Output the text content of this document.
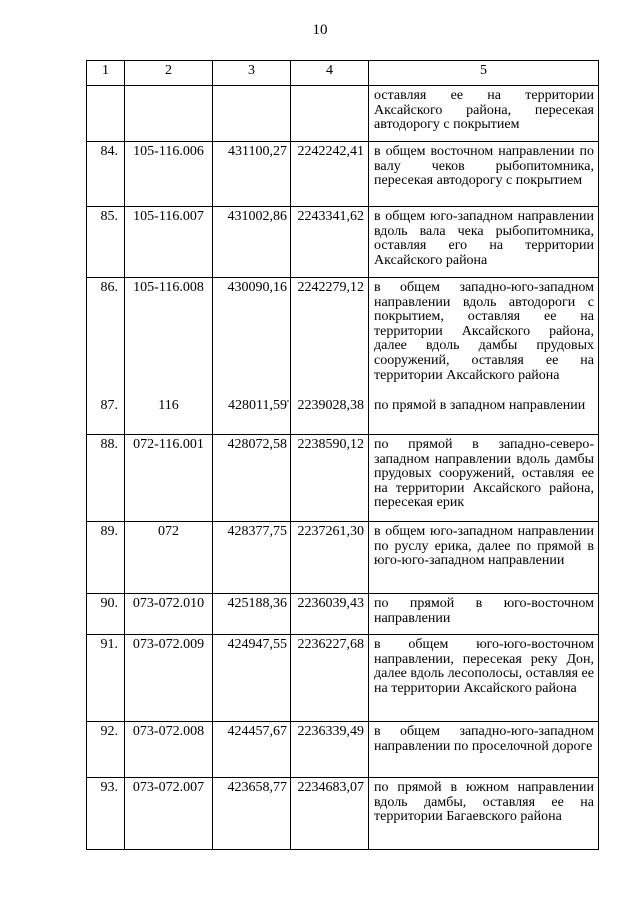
10
1	2	3	4	5
				оставляя ее на территории Аксайского района, пересекая автодорогу с покрытием
84.	105-116.006	431100,27	2242242,41	в общем восточном направлении по валу чеков рыбопитомника, пересекая автодорогу с покрытием
85.	105-116.007	431002,86	2243341,62	в общем юго-западном направлении вдоль вала чека рыбопитомника, оставляя его на территории Аксайского района
86.	105-116.008	430090,16	2242279,12	в общем западно-юго-западном направлении вдоль автодороги с покрытием, оставляя ее на территории Аксайского района, далее вдоль дамбы прудовых сооружений, оставляя ее на территории Аксайского района
87.	116	428011,59	2239028,38	по прямой в западном направлении
88.	072-116.001	428072,58	2238590,12	по прямой в западно-северо-западном направлении вдоль дамбы прудовых сооружений, оставляя ее на территории Аксайского района, пересекая ерик
89.	072	428377,75	2237261,30	в общем юго-западном направлении по руслу ерика, далее по прямой в юго-юго-западном направлении
90.	073-072.010	425188,36	2236039,43	по прямой в юго-восточном направлении
91.	073-072.009	424947,55	2236227,68	в общем юго-юго-восточном направлении, пересекая реку Дон, далее вдоль лесополосы, оставляя ее на территории Аксайского района
92.	073-072.008	424457,67	2236339,49	в общем западно-юго-западном направлении по проселочной дороге
93.	073-072.007	423658,77	2234683,07	по прямой в южном направлении вдоль дамбы, оставляя ее на территории Багаевского района
